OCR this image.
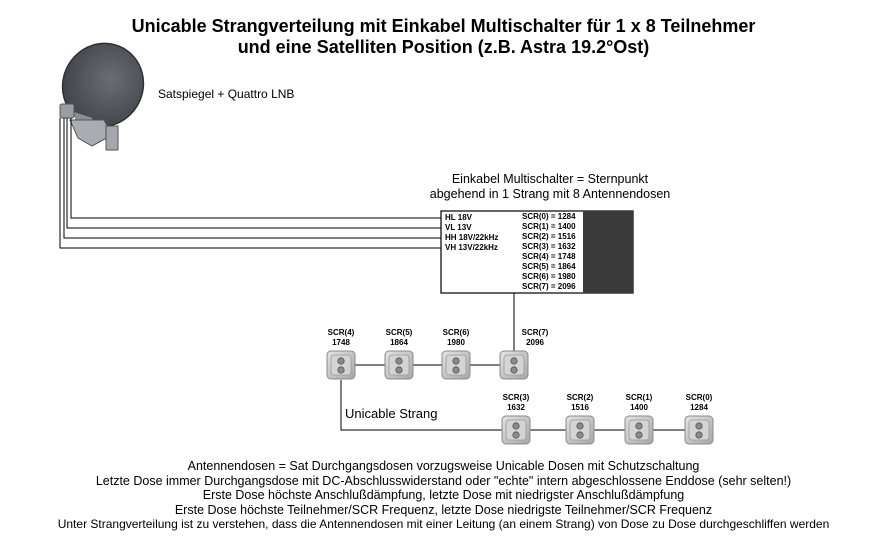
Unicable Strangverteilung mit Einkabel Multischalter für 1 x 8 Teilnehmer
und eine Satelliten Position (z.B. Astra 19.2°Ost)
Satspiegel + Quattro LNB
Einkabel Multischalter = Sternpunkt
abgehend in 1 Strang mit 8 Antennendosen
HL 18V
VL 13V
HH 18V/22kHz
VH 13V/22kHz
SCR(0) = 1284
SCR(1) = 1400
SCR(2) = 1516
SCR(3) = 1632
SCR(4) = 1748
SCR(5) = 1864
SCR(6) = 1980
SCR(7) = 2096
SCR(4)
1748
SCR(5)
1864
SCR(6)
1980
SCR(7)
2096
Unicable Strang
SCR(3)
1632
SCR(2)
1516
SCR(1)
1400
SCR(0)
1284
Antennendosen = Sat Durchgangsdosen vorzugsweise Unicable Dosen mit Schutzschaltung
Letzte Dose immer Durchgangsdose mit DC-Abschlusswiderstand oder "echte" intern abgeschlossene Enddose (sehr selten!)
Erste Dose höchste Anschlußdämpfung, letzte Dose mit niedrigster Anschlußdämpfung
Erste Dose höchste Teilnehmer/SCR Frequenz, letzte Dose niedrigste Teilnehmer/SCR Frequenz
Unter Strangverteilung ist zu verstehen, dass die Antennendosen mit einer Leitung (an einem Strang) von Dose zu Dose durchgeschliffen werden
